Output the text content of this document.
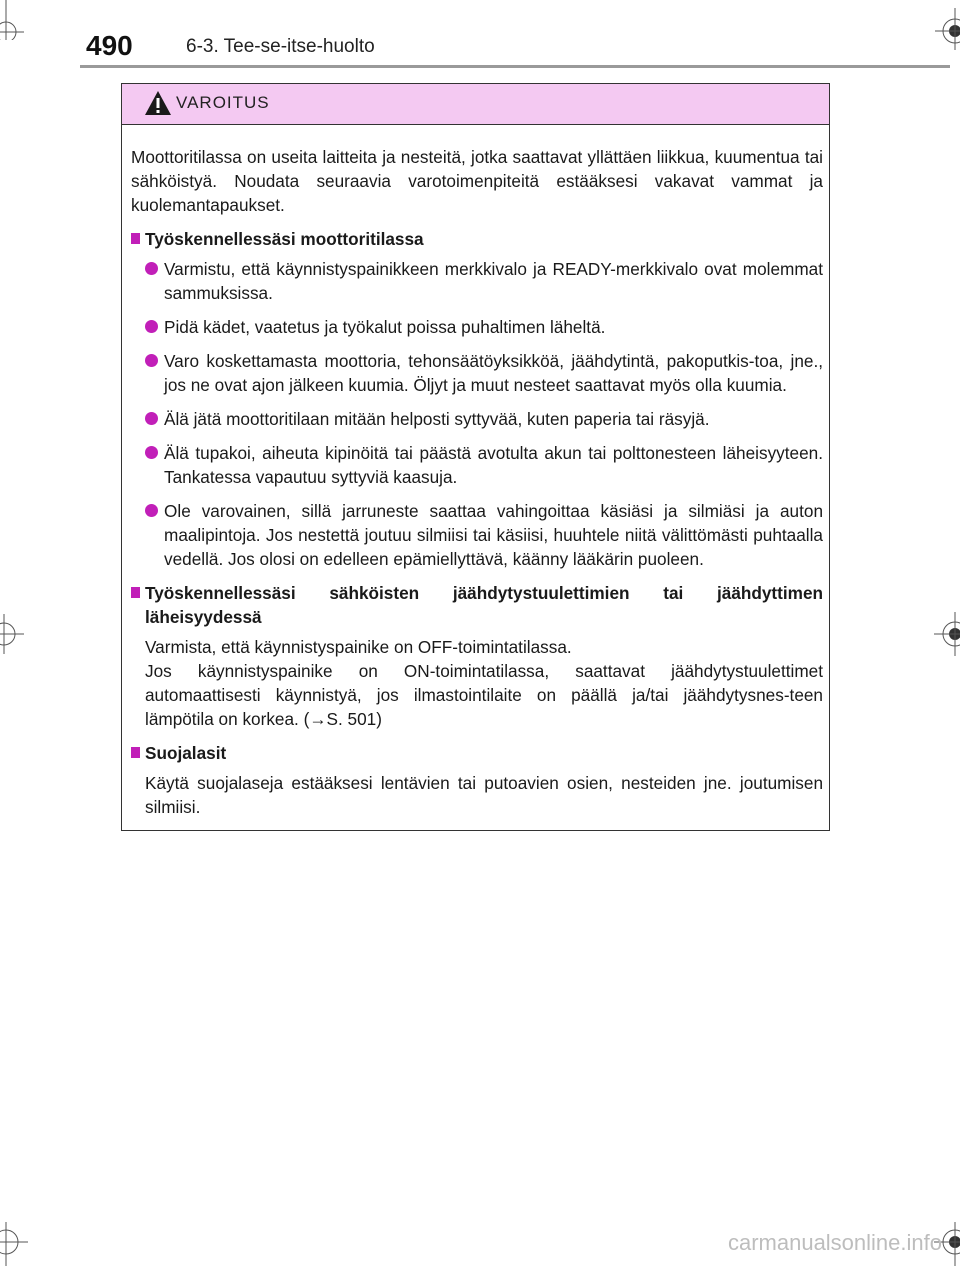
490	6-3. Tee-se-itse-huolto
VAROITUS

Moottoritilassa on useita laitteita ja nesteitä, jotka saattavat yllättäen liikkua, kuumentua tai sähköistyä. Noudata seuraavia varotoimenpiteitä estääksesi vakavat vammat ja kuolemantapaukset.

Työskennellessäsi moottoritilassa
Varmistu, että käynnistyspainikkeen merkkivalo ja READY-merkkivalo ovat molemmat sammuksissa.
Pidä kädet, vaatetus ja työkalut poissa puhaltimen läheltä.
Varo koskettamasta moottoria, tehonsäätöyksikköä, jäähdytintä, pakoputkis-toa, jne., jos ne ovat ajon jälkeen kuumia. Öljyt ja muut nesteet saattavat myös olla kuumia.
Älä jätä moottoritilaan mitään helposti syttyvää, kuten paperia tai räsyjä.
Älä tupakoi, aiheuta kipinöitä tai päästä avotulta akun tai polttonesteen läheisyyteen. Tankatessa vapautuu syttyviä kaasuja.
Ole varovainen, sillä jarruneste saattaa vahingoittaa käsiäsi ja silmiäsi ja auton maalipintoja. Jos nestettä joutuu silmiisi tai käsiisi, huuhtele niitä välittömästi puhtaalla vedellä. Jos olosi on edelleen epämiellyttävä, käänny lääkärin puoleen.
Työskennellessäsi sähköisten jäähdytystuulettimien tai jäähdyttimen läheisyydessä
Varmista, että käynnistyspainike on OFF-toimintatilassa.
Jos käynnistyspainike on ON-toimintatilassa, saattavat jäähdytystuulettimet automaattisesti käynnistyä, jos ilmastointilaite on päällä ja/tai jäähdytysnes-teen lämpötila on korkea. (→S. 501)
Suojalasit
Käytä suojalaseja estääksesi lentävien tai putoavien osien, nesteiden jne. joutumisen silmiisi.
carmanualsonline.info
